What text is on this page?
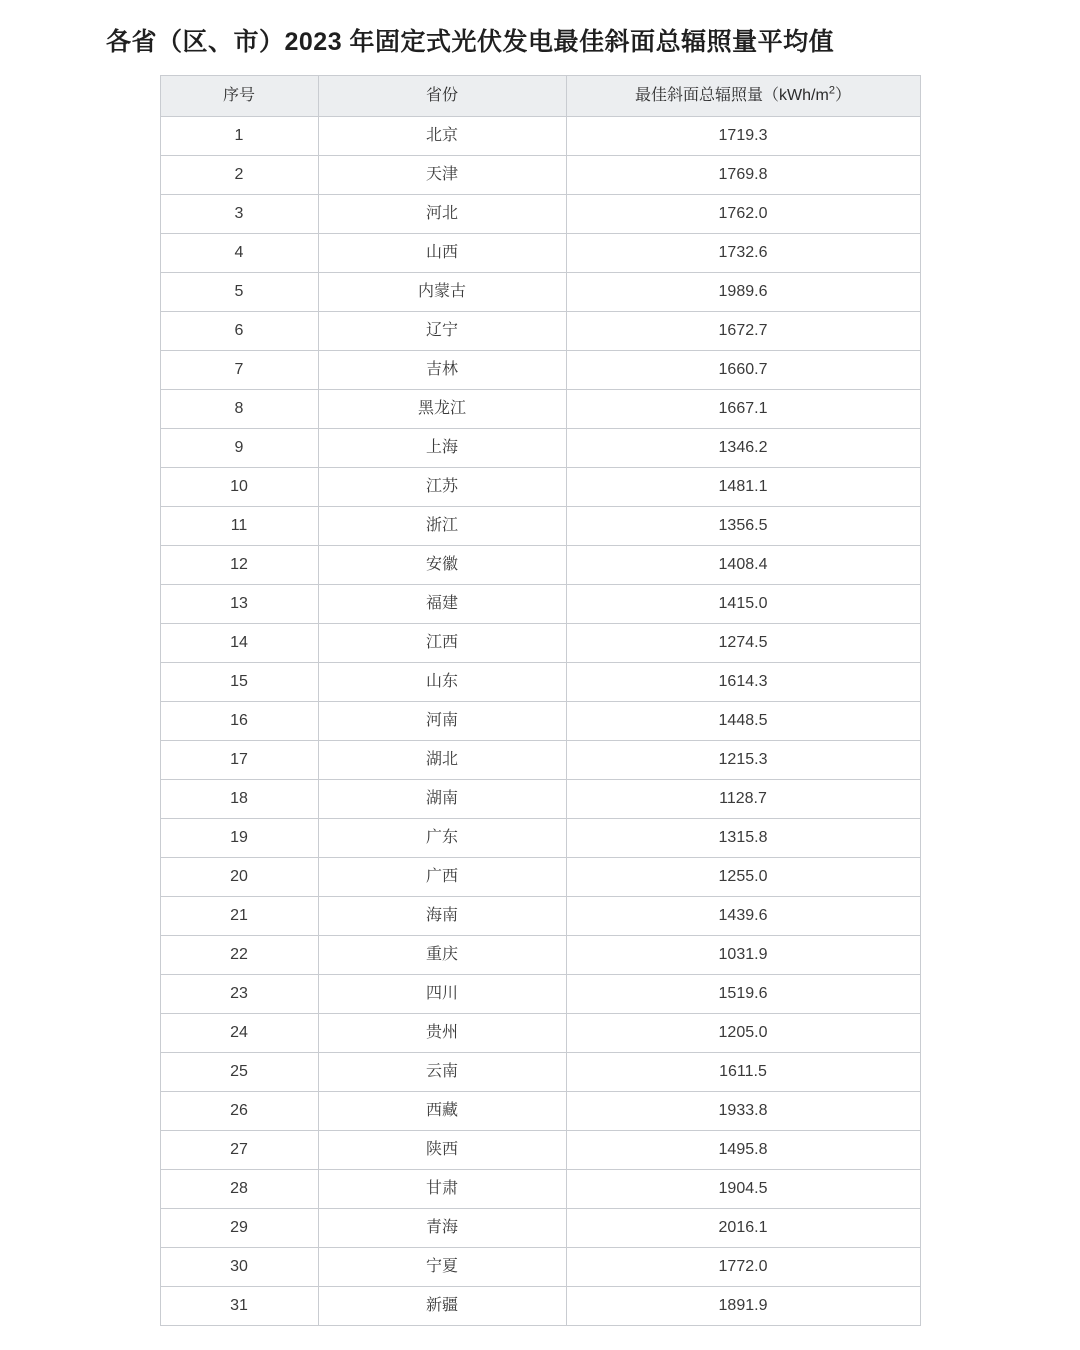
各省（区、市）2023 年固定式光伏发电最佳斜面总辐照量平均值
序号	省份	最佳斜面总辐照量$(kWh/m^2)$
1	北京	1719.3
2	天津	1769.8
3	河北	1762.0
4	山西	1732.6
5	内蒙古	1989.6
6	辽宁	1672.7
7	吉林	1660.7
8	黑龙江	1667.1
9	上海	1346.2
10	江苏	1481.1
11	浙江	1356.5
12	安徽	1408.4
13	福建	1415.0
14	江西	1274.5
15	山东	1614.3
16	河南	1448.5
17	湖北	1215.3
18	湖南	1128.7
19	广东	1315.8
20	广西	1255.0
21	海南	1439.6
22	重庆	1031.9
23	四川	1519.6
24	贵州	1205.0
25	云南	1611.5
26	西藏	1933.8
27	陕西	1495.8
28	甘肃	1904.5
29	青海	2016.1
30	宁夏	1772.0
31	新疆	1891.9
